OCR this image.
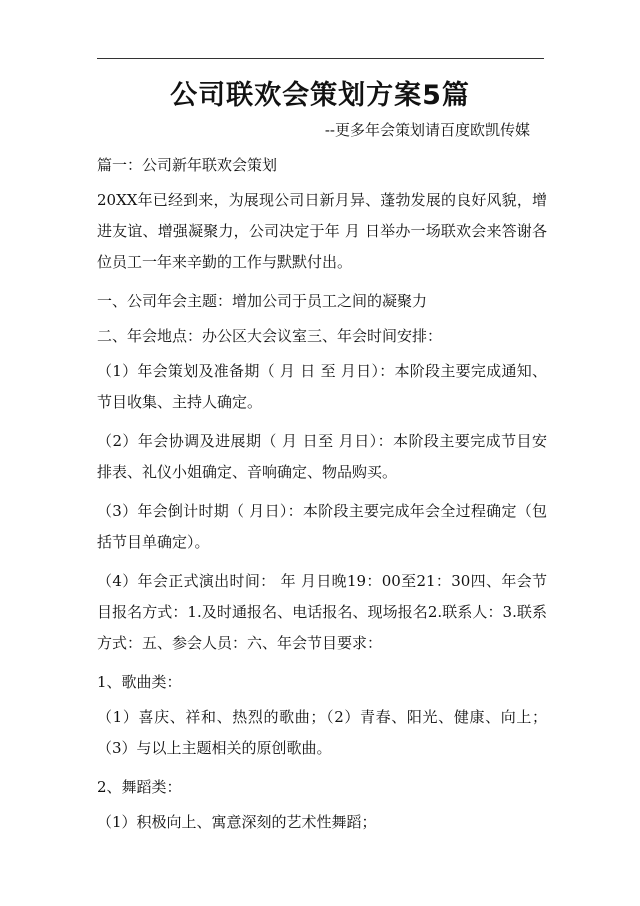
公司联欢会策划方案5篇
--更多年会策划请百度欧凯传媒

篇一：公司新年联欢会策划

20XX年已经到来，为展现公司日新月异、蓬勃发展的良好风貌，增进友谊、增强凝聚力，公司决定于年 月 日举办一场联欢会来答谢各位员工一年来辛勤的工作与默默付出。

一、公司年会主题：增加公司于员工之间的凝聚力

二、年会地点：办公区大会议室三、年会时间安排：

（1）年会策划及准备期（ 月 日 至 月日）：本阶段主要完成通知、节目收集、主持人确定。

（2）年会协调及进展期（ 月 日至 月日）：本阶段主要完成节目安排表、礼仪小姐确定、音响确定、物品购买。

（3）年会倒计时期（ 月日）：本阶段主要完成年会全过程确定（包括节目单确定）。

（4）年会正式演出时间： 年 月日晚19：00至21：30四、年会节目报名方式：1.及时通报名、电话报名、现场报名2.联系人：3.联系方式：五、参会人员：六、年会节目要求：

1、歌曲类：

（1）喜庆、祥和、热烈的歌曲；（2）青春、阳光、健康、向上；（3）与以上主题相关的原创歌曲。

2、舞蹈类：

（1）积极向上、寓意深刻的艺术性舞蹈；
